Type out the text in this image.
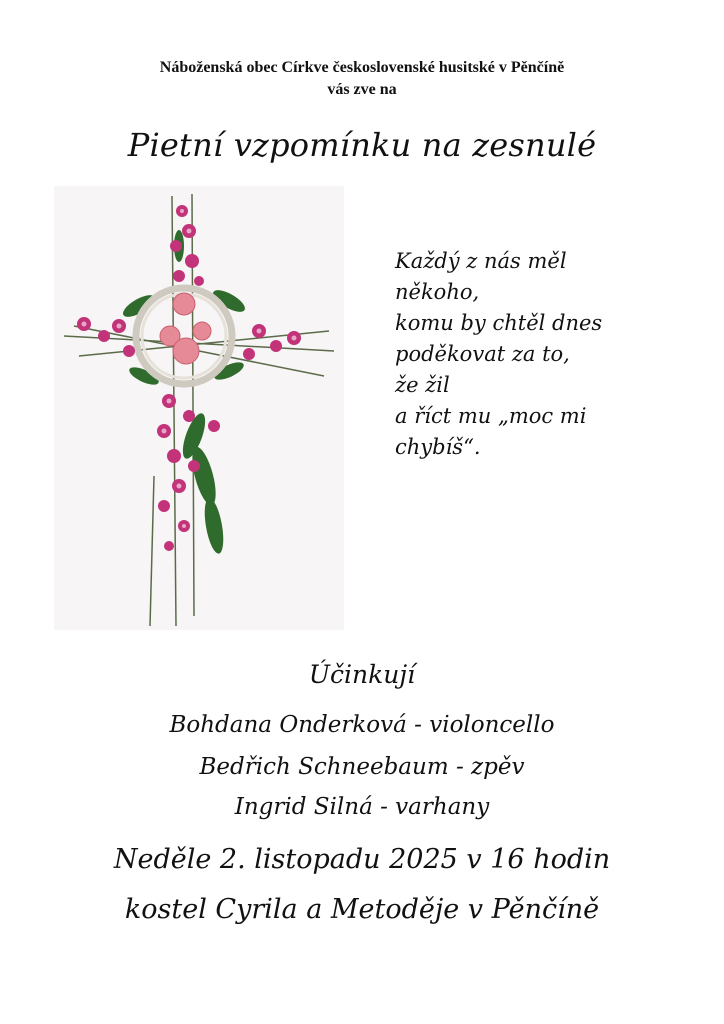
Náboženská obec Církve československé husitské v Pěnčíně
vás zve na
Pietní vzpomínku na zesnulé
Každý z nás měl
někoho,
komu by chtěl dnes
poděkovat za to,
že žil
a říct mu „moc mi
chybíš“.
Účinkují
Bohdana Onderková - violoncello
Bedřich Schneebaum - zpěv
Ingrid Silná - varhany
Neděle 2. listopadu 2025 v 16 hodin
kostel Cyrila a Metoděje v Pěnčíně
